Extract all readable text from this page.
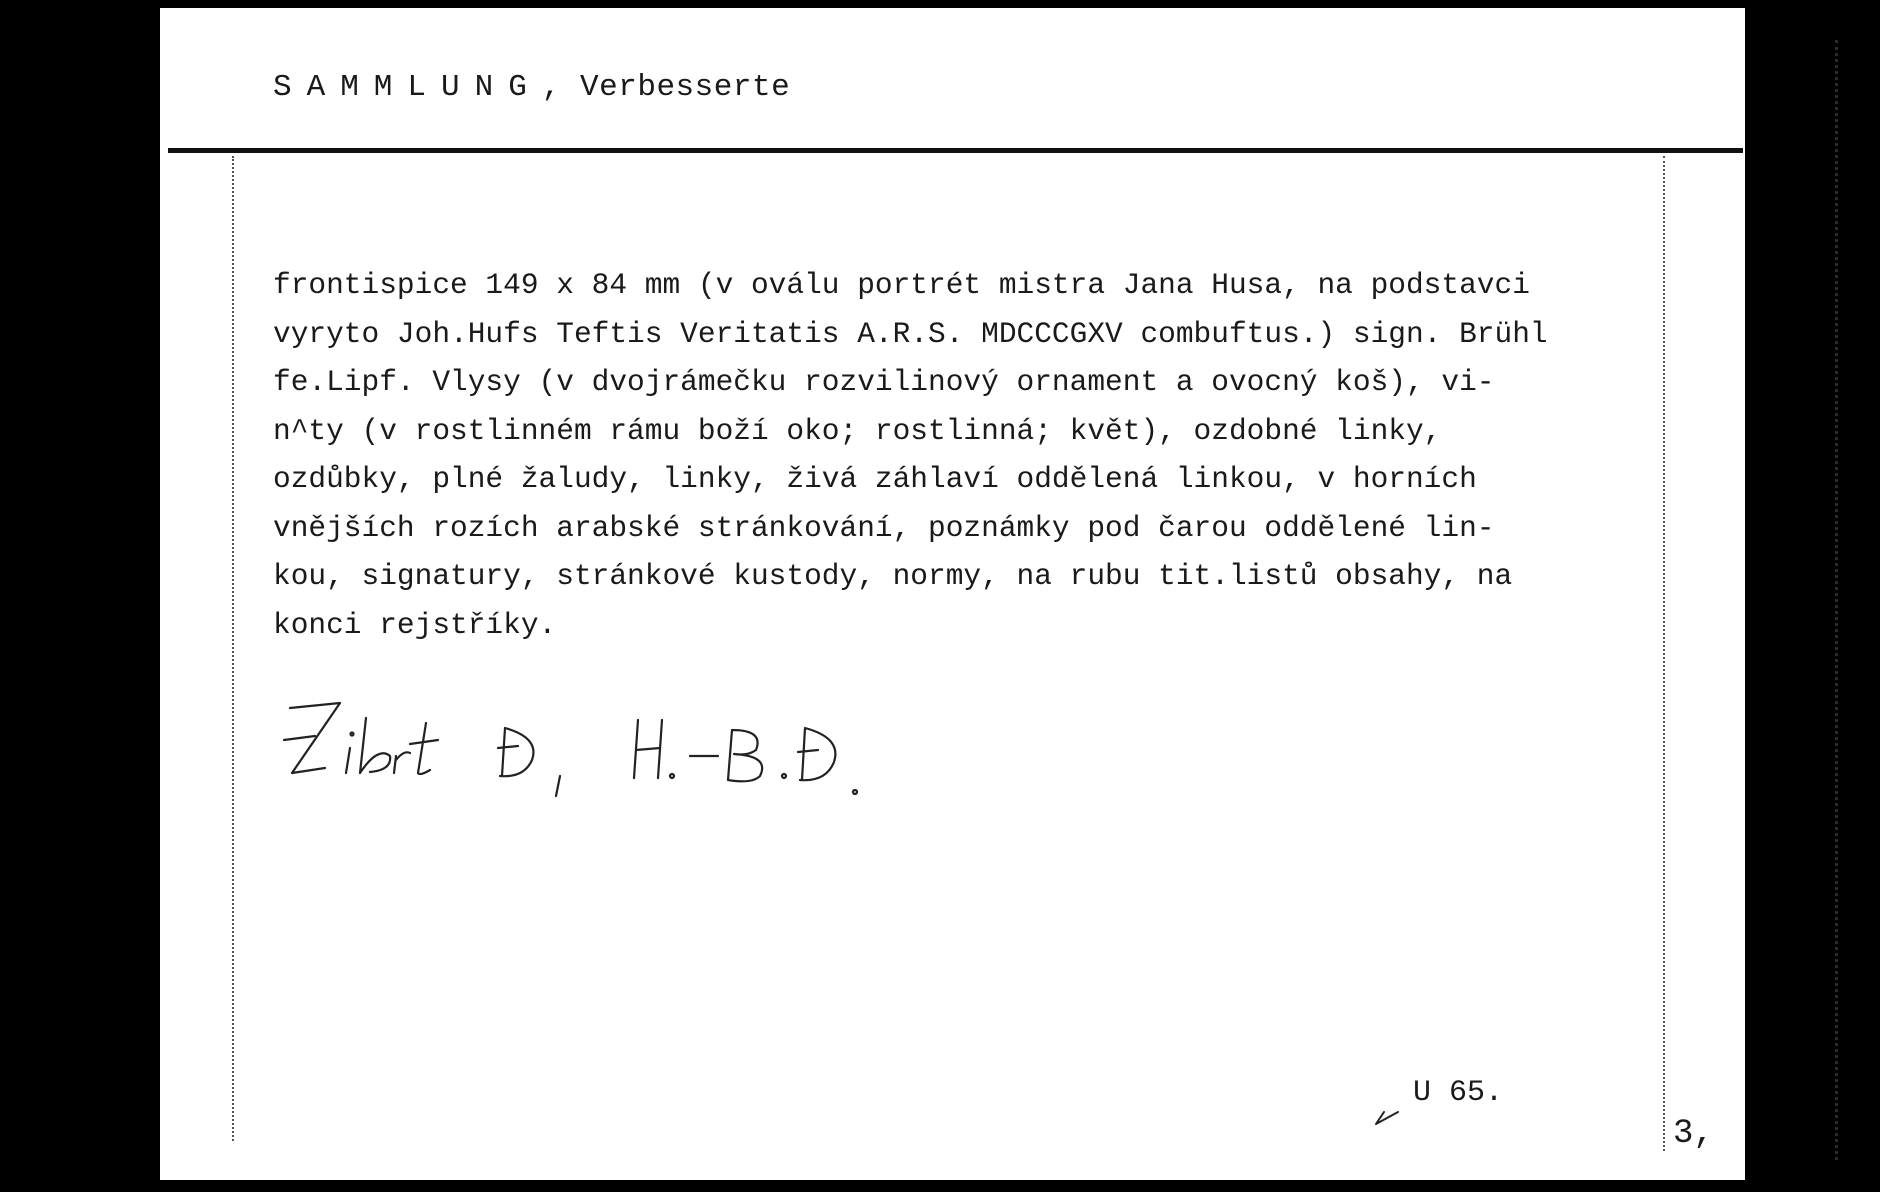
SAMMLUNG, Verbesserte

frontispice 149 x 84 mm (v oválu portrét mistra Jana Husa, na podstavci
vyryto Joh.Hufs Teftis Veritatis A.R.S. MDCCCGXV combuftus.) sign. Brühl
fe.Lipf. Vlysy (v dvojrámečku rozvilinový ornament a ovocný koš), vi-
n^ty (v rostlinném rámu boží oko; rostlinná; květ), ozdobné linky,
ozdůbky, plné žaludy, linky, živá záhlaví oddělená linkou, v horních
vnějších rozích arabské stránkování, poznámky pod čarou oddělené lin-
kou, signatury, stránkové kustody, normy, na rubu tit.listů obsahy, na
konci rejstříky.

U 65.
3,
